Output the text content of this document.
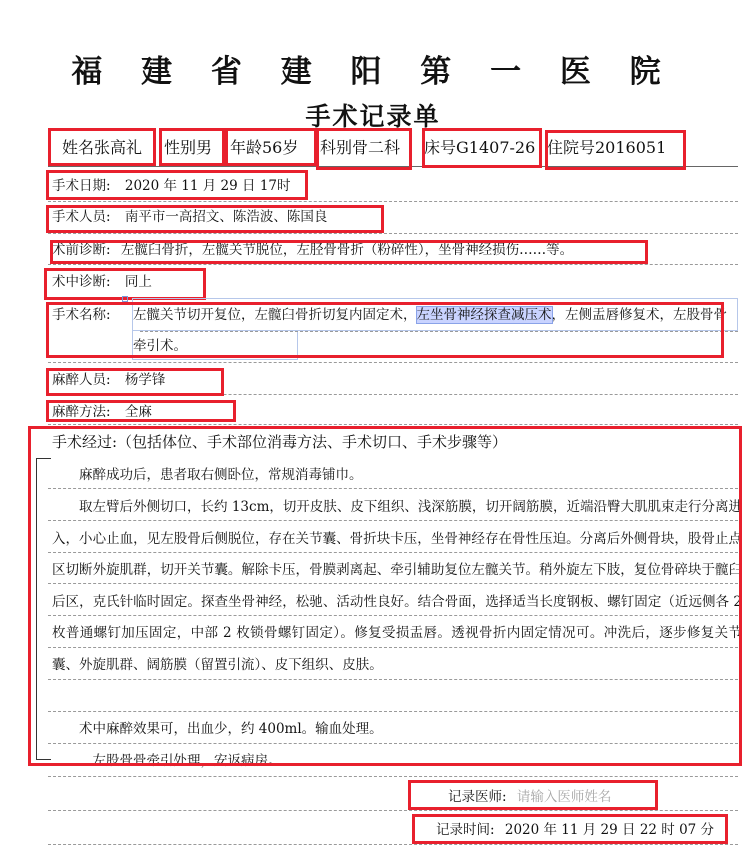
福 建 省 建 阳 第 一 医 院
手术记录单
姓名张高礼 性别男 年龄56岁 科别骨二科 床号G1407-26 住院号2016051
手术日期: 2020 年 11 月 29 日 17时
手术人员: 南平市一高招文、陈浩波、陈国良
术前诊断: 左髋臼骨折，左髋关节脱位，左胫骨骨折（粉碎性），坐骨神经损伤……等。
术中诊断: 同上
手术名称: 左髋关节切开复位，左髋臼骨折切复内固定术，左坐骨神经探查减压术，左侧盂唇修复术，左股骨骨牵引术。
麻醉人员: 杨学锋
麻醉方法: 全麻
手术经过:（包括体位、手术部位消毒方法、手术切口、手术步骤等）
麻醉成功后，患者取右侧卧位，常规消毒铺巾。
取左臂后外侧切口，长约 13cm，切开皮肤、皮下组织、浅深筋膜，切开阔筋膜，近端沿臀大肌肌束走行分离进入，小心止血，见左股骨后侧脱位，存在关节囊、骨折块卡压，坐骨神经存在骨性压迫。分离后外侧骨块，股骨止点区切断外旋肌群，切开关节囊。解除卡压，骨膜剥离起、牵引辅助复位左髋关节。稍外旋左下肢，复位骨碎块于髋臼后区，克氏针临时固定。探查坐骨神经，松驰、活动性良好。结合骨面，选择适当长度钢板、螺钉固定（近远侧各 2 枚普通螺钉加压固定，中部 2 枚锁骨螺钉固定）。修复受损盂唇。透视骨折内固定情况可。冲洗后，逐步修复关节囊、外旋肌群、阔筋膜（留置引流）、皮下组织、皮肤。
术中麻醉效果可，出血少，约 400ml。输血处理。
左股骨骨牵引处理，安返病房。
记录医师: 请输入医师姓名
记录时间: 2020 年 11 月 29 日 22 时 07 分
